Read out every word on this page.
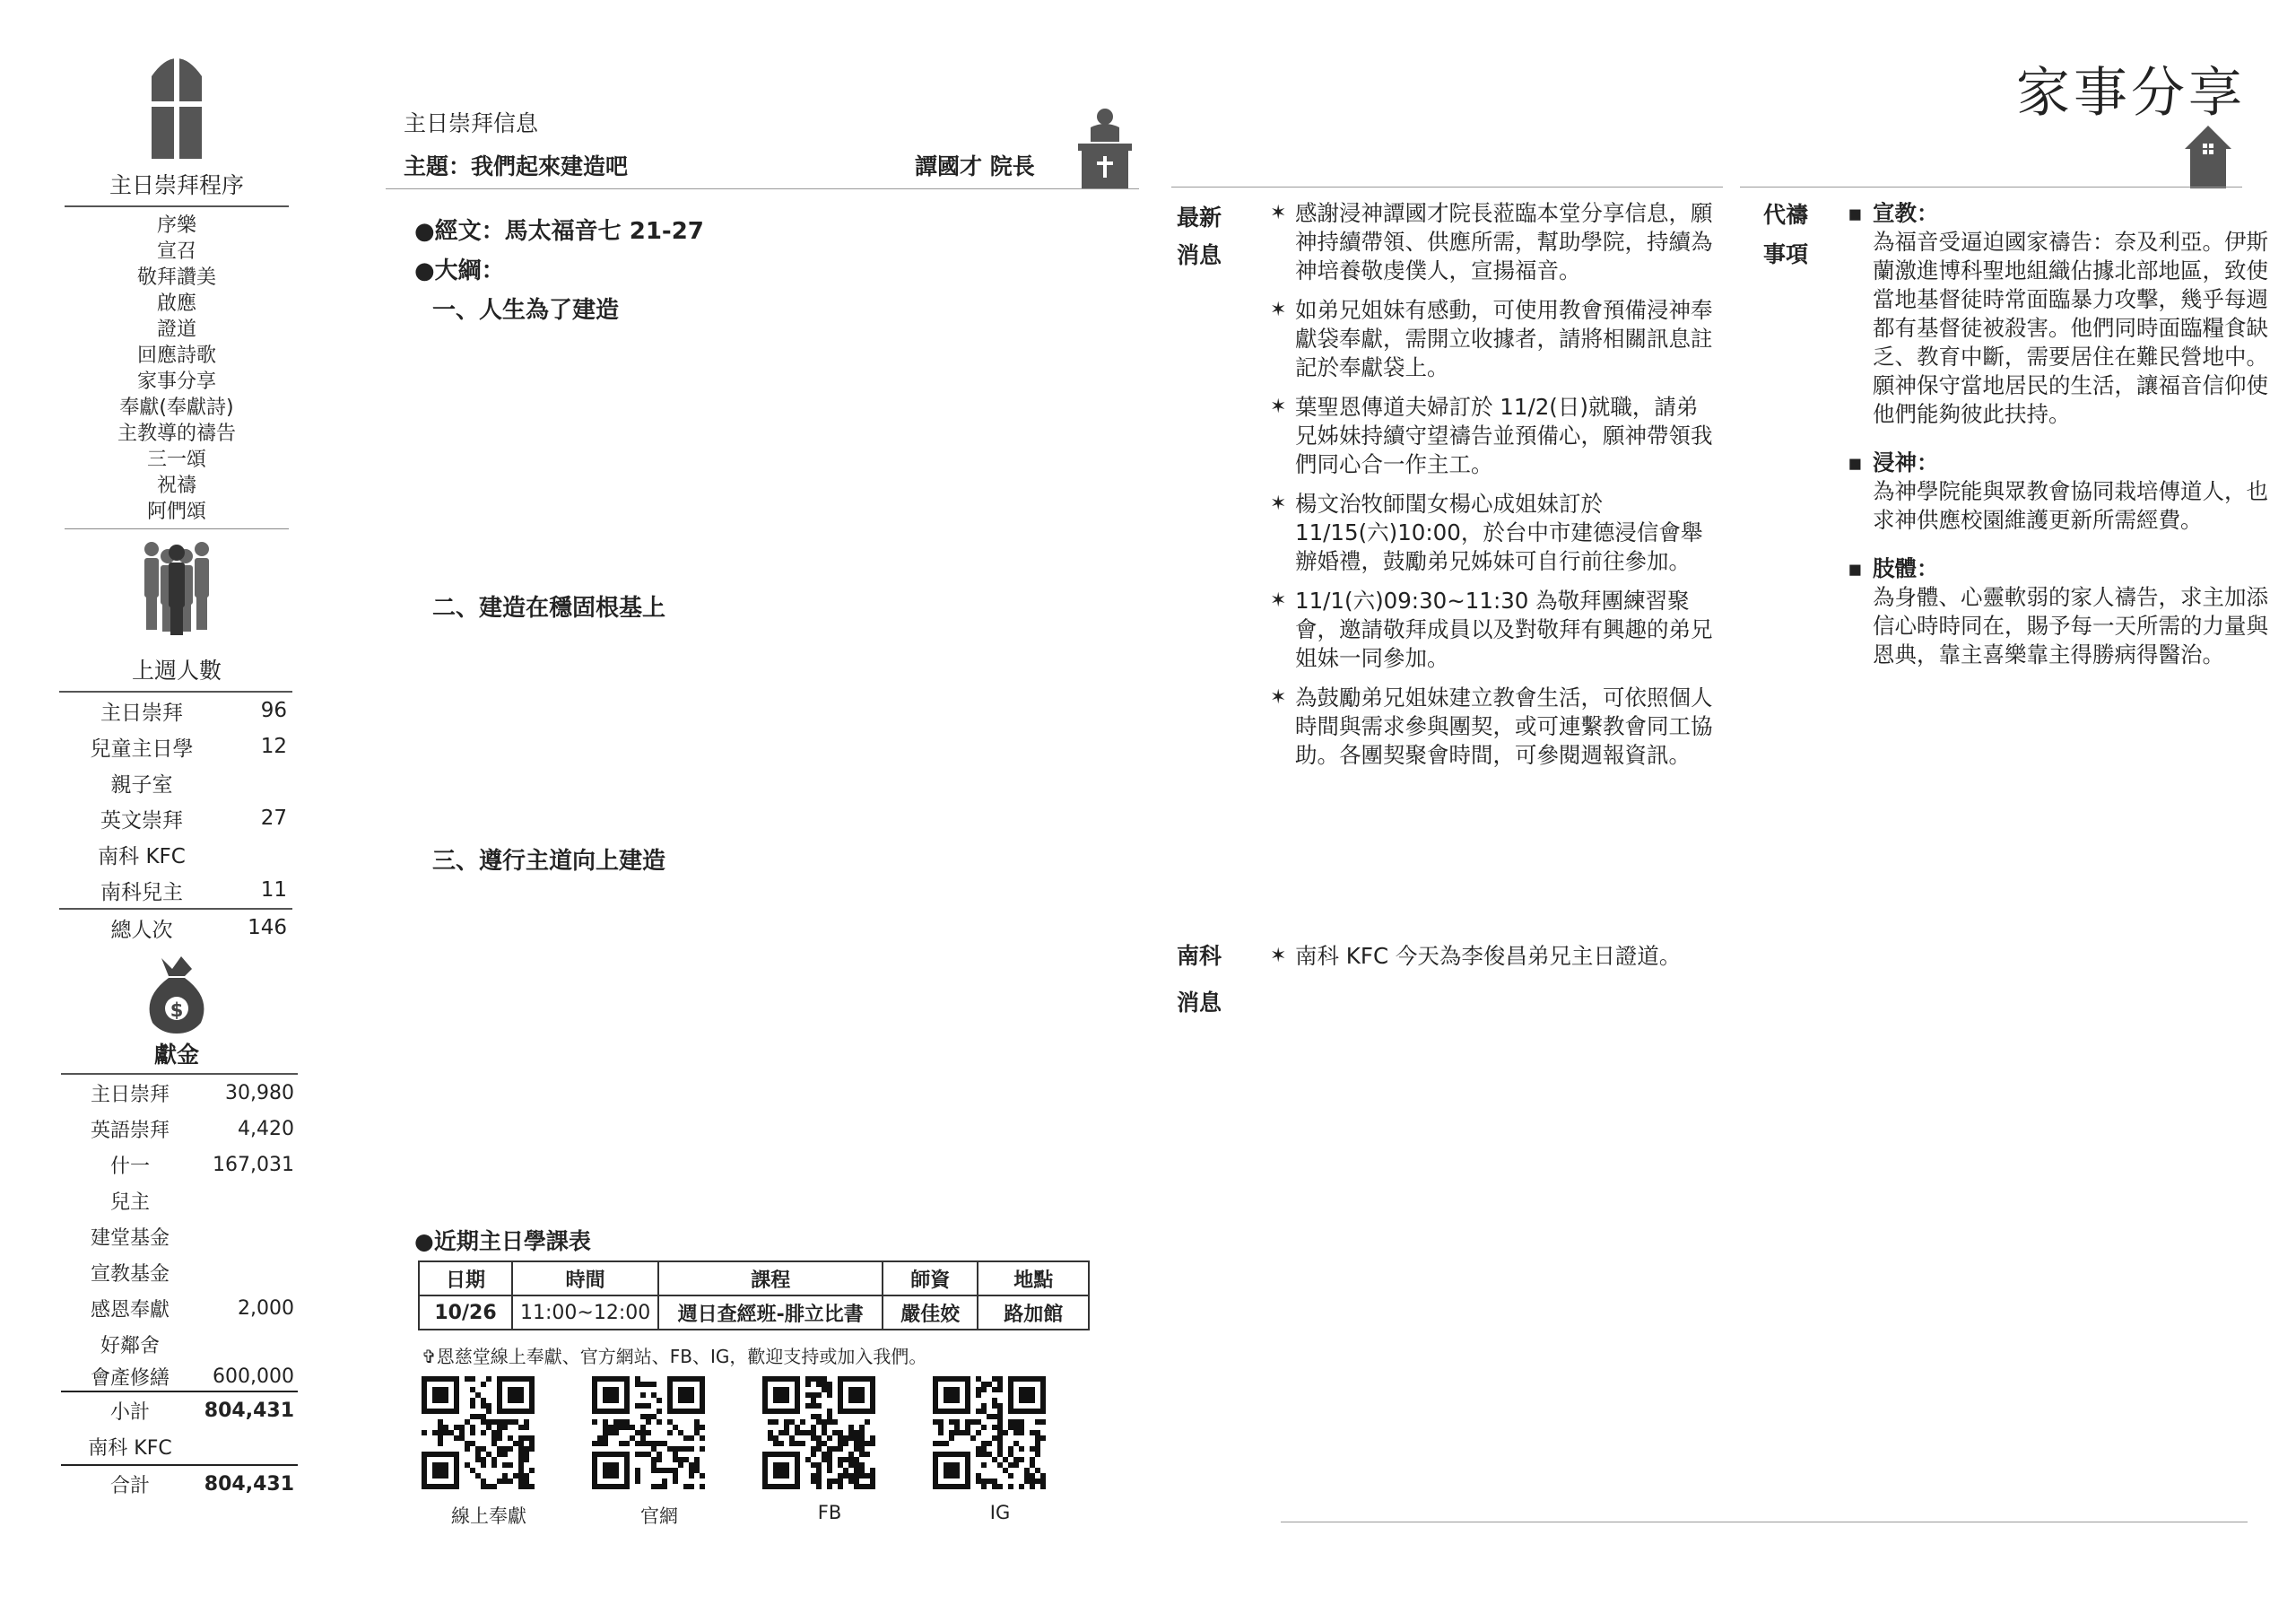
主日崇拜程序
序樂
宣召
敬拜讚美
啟應
證道
回應詩歌
家事分享
奉獻(奉獻詩)
主教導的禱告
三一頌
祝禱
阿們頌
上週人數
主日崇拜	96
兒童主日學	12
親子室
英文崇拜	27
南科 KFC
南科兒主	11
總人次	146
$
獻金
主日崇拜	30,980
英語崇拜	4,420
什一	167,031
兒主
建堂基金
宣教基金
感恩奉獻	2,000
好鄰舍
會產修繕	600,000
小計	804,431
南科 KFC
合計	804,431
主日崇拜信息
主題：我們起來建造吧	譚國才 院長
●經文：馬太福音七 21-27
●大綱：
一、人生為了建造
二、建造在穩固根基上
三、遵行主道向上建造
●近期主日學課表
日期	時間	課程	師資	地點
10/26	11:00~12:00	週日查經班-腓立比書	嚴佳姣	路加館
✞恩慈堂線上奉獻、官方網站、FB、IG，歡迎支持或加入我們。
線上奉獻	官網	FB	IG
家事分享
最新
消息
✶ 感謝浸神譚國才院長蒞臨本堂分享信息，願神持續帶領、供應所需，幫助學院，持續為神培養敬虔僕人，宣揚福音。
✶ 如弟兄姐妹有感動，可使用教會預備浸神奉獻袋奉獻，需開立收據者，請將相關訊息註記於奉獻袋上。
✶ 葉聖恩傳道夫婦訂於 11/2(日)就職，請弟兄姊妹持續守望禱告並預備心，願神帶領我們同心合一作主工。
✶ 楊文治牧師閨女楊心成姐妹訂於 11/15(六)10:00，於台中市建德浸信會舉辦婚禮，鼓勵弟兄姊妹可自行前往參加。
✶ 11/1(六)09:30~11:30 為敬拜團練習聚會，邀請敬拜成員以及對敬拜有興趣的弟兄姐妹一同參加。
✶ 為鼓勵弟兄姐妹建立教會生活，可依照個人時間與需求參與團契，或可連繫教會同工協助。各團契聚會時間，可參閱週報資訊。
南科
消息
✶ 南科 KFC 今天為李俊昌弟兄主日證道。
代禱
事項
▪ 宣教：
為福音受逼迫國家禱告：奈及利亞。伊斯蘭激進博科聖地組織佔據北部地區，致使當地基督徒時常面臨暴力攻擊，幾乎每週都有基督徒被殺害。他們同時面臨糧食缺乏、教育中斷，需要居住在難民營地中。願神保守當地居民的生活，讓福音信仰使他們能夠彼此扶持。
▪ 浸神：
為神學院能與眾教會協同栽培傳道人，也求神供應校園維護更新所需經費。
▪ 肢體：
為身體、心靈軟弱的家人禱告，求主加添信心時時同在，賜予每一天所需的力量與恩典，靠主喜樂靠主得勝病得醫治。
